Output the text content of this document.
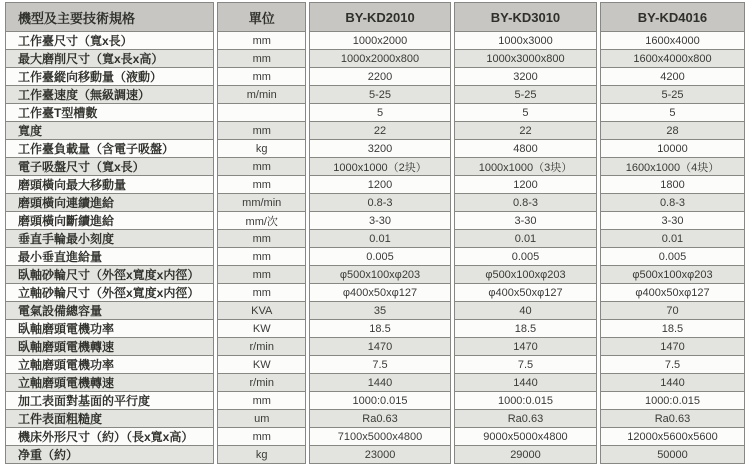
機型及主要技術規格	單位	BY-KD2010	BY-KD3010	BY-KD4016
工作臺尺寸（寬x長）	mm	1000x2000	1000x3000	1600x4000
最大磨削尺寸（寬x長x高）	mm	1000x2000x800	1000x3000x800	1600x4000x800
工作臺縱向移動量（液動）	mm	2200	3200	4200
工作臺速度（無級調速）	m/min	5-25	5-25	5-25
工作臺T型槽數		5	5	5
寬度	mm	22	22	28
工作臺負載量（含電子吸盤）	kg	3200	4800	10000
電子吸盤尺寸（寬x長）	mm	1000x1000（2块）	1000x1000（3块）	1600x1000（4块）
磨頭橫向最大移動量	mm	1200	1200	1800
磨頭橫向連續進給	mm/min	0.8-3	0.8-3	0.8-3
磨頭橫向斷續進給	mm/次	3-30	3-30	3-30
垂直手輪最小刻度	mm	0.01	0.01	0.01
最小垂直進給量	mm	0.005	0.005	0.005
臥軸砂輪尺寸（外徑x寬度x内徑）	mm	φ500x100xφ203	φ500x100xφ203	φ500x100xφ203
立軸砂輪尺寸（外徑x寬度x内徑）	mm	φ400x50xφ127	φ400x50xφ127	φ400x50xφ127
電氣設備總容量	KVA	35	40	70
臥軸磨頭電機功率	KW	18.5	18.5	18.5
臥軸磨頭電機轉速	r/min	1470	1470	1470
立軸磨頭電機功率	KW	7.5	7.5	7.5
立軸磨頭電機轉速	r/min	1440	1440	1440
加工表面對基面的平行度	mm	1000:0.015	1000:0.015	1000:0.015
工件表面粗糙度	um	Ra0.63	Ra0.63	Ra0.63
機床外形尺寸（約）（長x寬x高）	mm	7100x5000x4800	9000x5000x4800	12000x5600x5600
净重（約）	kg	23000	29000	50000
